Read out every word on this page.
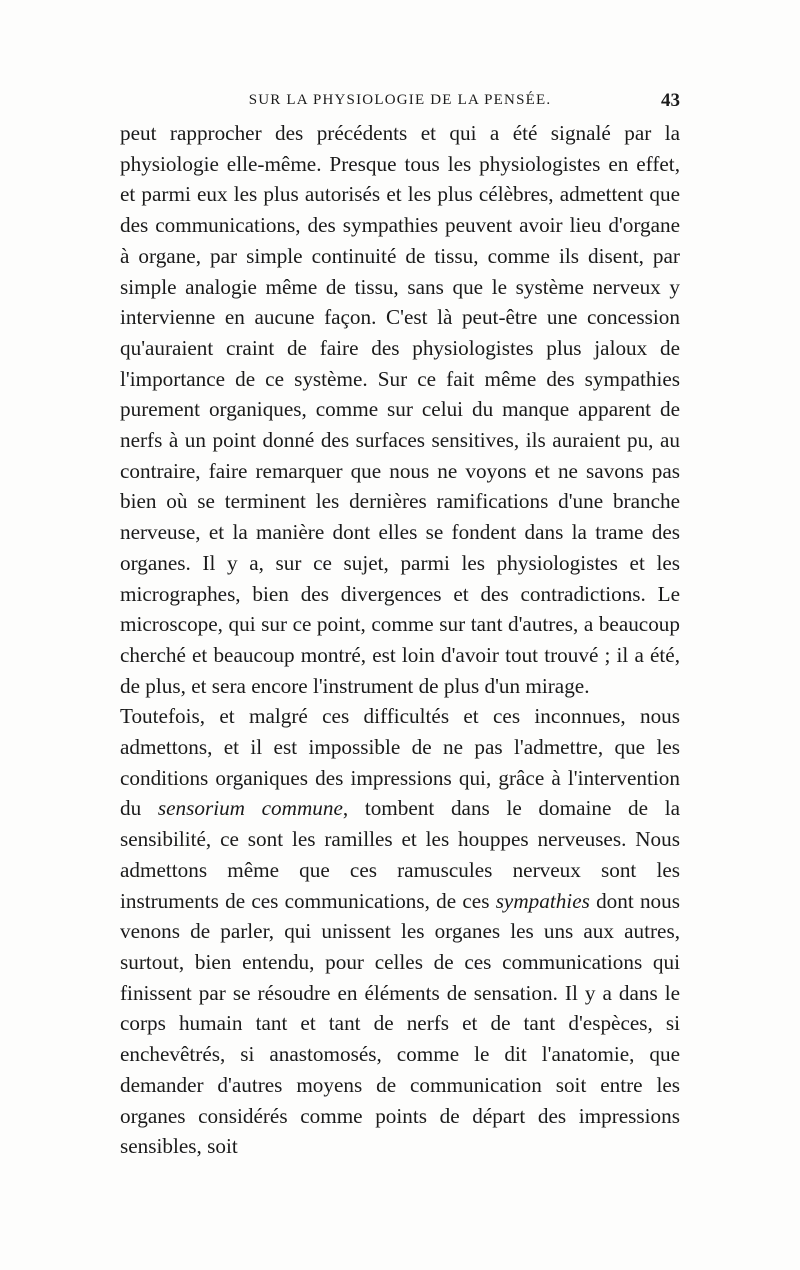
SUR LA PHYSIOLOGIE DE LA PENSÉE.	43

peut rapprocher des précédents et qui a été signalé par la physiologie elle-même. Presque tous les physiologistes en effet, et parmi eux les plus autorisés et les plus célèbres, admettent que des communications, des sympathies peuvent avoir lieu d'organe à organe, par simple continuité de tissu, comme ils disent, par simple analogie même de tissu, sans que le système nerveux y intervienne en aucune façon. C'est là peut-être une concession qu'auraient craint de faire des physiologistes plus jaloux de l'importance de ce système. Sur ce fait même des sympathies purement organiques, comme sur celui du manque apparent de nerfs à un point donné des surfaces sensitives, ils auraient pu, au contraire, faire remarquer que nous ne voyons et ne savons pas bien où se terminent les dernières ramifications d'une branche nerveuse, et la manière dont elles se fondent dans la trame des organes. Il y a, sur ce sujet, parmi les physiologistes et les micrographes, bien des divergences et des contradictions. Le microscope, qui sur ce point, comme sur tant d'autres, a beaucoup cherché et beaucoup montré, est loin d'avoir tout trouvé ; il a été, de plus, et sera encore l'instrument de plus d'un mirage.

Toutefois, et malgré ces difficultés et ces inconnues, nous admettons, et il est impossible de ne pas l'admettre, que les conditions organiques des impressions qui, grâce à l'intervention du sensorium commune, tombent dans le domaine de la sensibilité, ce sont les ramilles et les houppes nerveuses. Nous admettons même que ces ramuscules nerveux sont les instruments de ces communications, de ces sympathies dont nous venons de parler, qui unissent les organes les uns aux autres, surtout, bien entendu, pour celles de ces communications qui finissent par se résoudre en éléments de sensation. Il y a dans le corps humain tant et tant de nerfs et de tant d'espèces, si enchevêtrés, si anastomosés, comme le dit l'anatomie, que demander d'autres moyens de communication soit entre les organes considérés comme points de départ des impressions sensibles, soit
